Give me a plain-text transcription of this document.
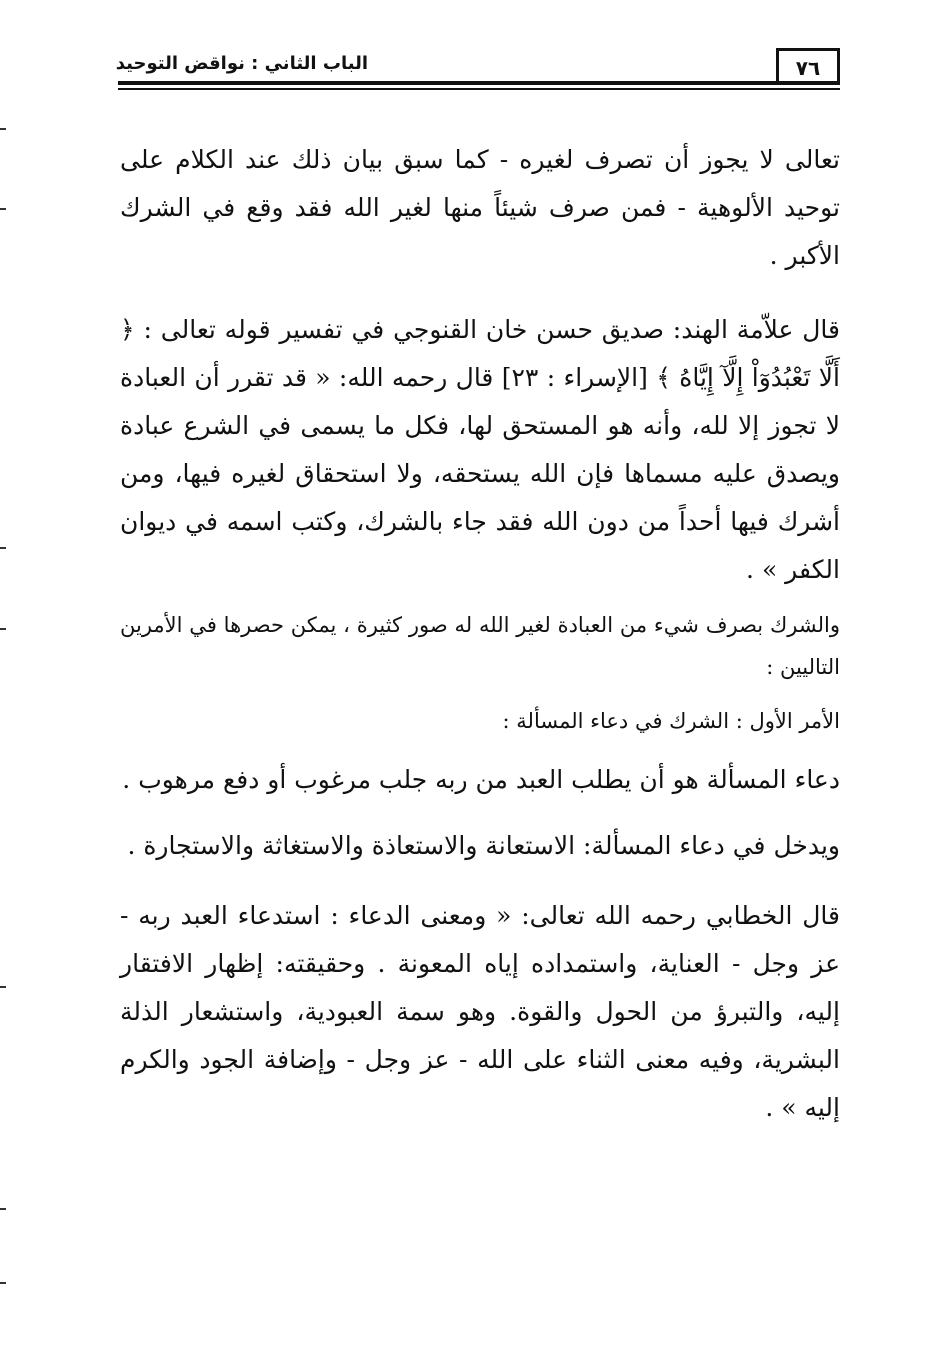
الباب الثاني : نواقض التوحيد	٧٦

تعالى لا يجوز أن تصرف لغيره - كما سبق بيان ذلك عند الكلام على توحيد الألوهية - فمن صرف شيئاً منها لغير الله فقد وقع في الشرك الأكبر .

قال علاّمة الهند: صديق حسن خان القنوجي في تفسير قوله تعالى : ﴿ أَلَّا تَعْبُدُوٓاْ إِلَّآ إِيَّاهُ ﴾ [الإسراء : ٢٣] قال رحمه الله: « قد تقرر أن العبادة لا تجوز إلا لله، وأنه هو المستحق لها، فكل ما يسمى في الشرع عبادة ويصدق عليه مسماها فإن الله يستحقه، ولا استحقاق لغيره فيها، ومن أشرك فيها أحداً من دون الله فقد جاء بالشرك، وكتب اسمه في ديوان الكفر » .

والشرك بصرف شيء من العبادة لغير الله له صور كثيرة ، يمكن حصرها في الأمرين التاليين :

الأمر الأول : الشرك في دعاء المسألة :

دعاء المسألة هو أن يطلب العبد من ربه جلب مرغوب أو دفع مرهوب .

ويدخل في دعاء المسألة: الاستعانة والاستعاذة والاستغاثة والاستجارة .

قال الخطابي رحمه الله تعالى: « ومعنى الدعاء : استدعاء العبد ربه - عز وجل - العناية، واستمداده إياه المعونة . وحقيقته: إظهار الافتقار إليه، والتبرؤ من الحول والقوة. وهو سمة العبودية، واستشعار الذلة البشرية، وفيه معنى الثناء على الله - عز وجل - وإضافة الجود والكرم إليه » .
